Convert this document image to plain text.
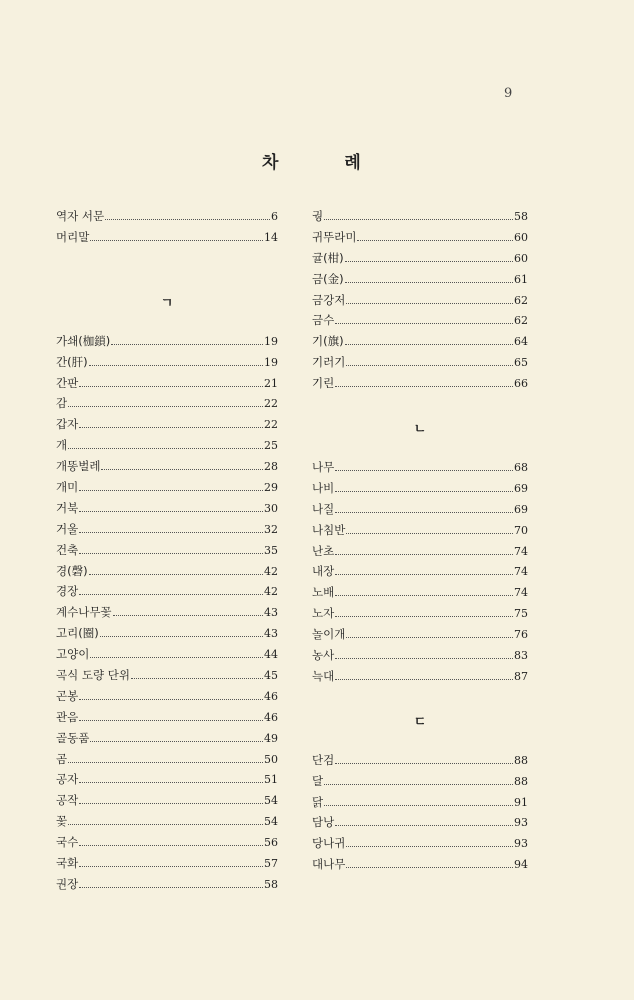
9
차 례
역자 서문	6
머리말	14
ㄱ
가쇄(枷鎖)	19
간(肝)	19
간판	21
감	22
갑자	22
개	25
개똥벌레	28
개미	29
거북	30
거울	32
건축	35
경(磬)	42
경장	42
계수나무꽃	43
고리(圈)	43
고양이	44
곡식 도량 단위	45
곤봉	46
관음	46
골동품	49
곰	50
공자	51
공작	54
꽃	54
국수	56
국화	57
권장	58
궝	58
귀뚜라미	60
귤(柑)	60
금(金)	61
금강저	62
금수	62
기(旗)	64
기러기	65
기린	66
ㄴ
나무	68
나비	69
나질	69
나침반	70
난초	74
내장	74
노배	74
노자	75
놀이개	76
농사	83
늑대	87
ㄷ
단검	88
달	88
닭	91
담낭	93
당나귀	93
대나무	94
